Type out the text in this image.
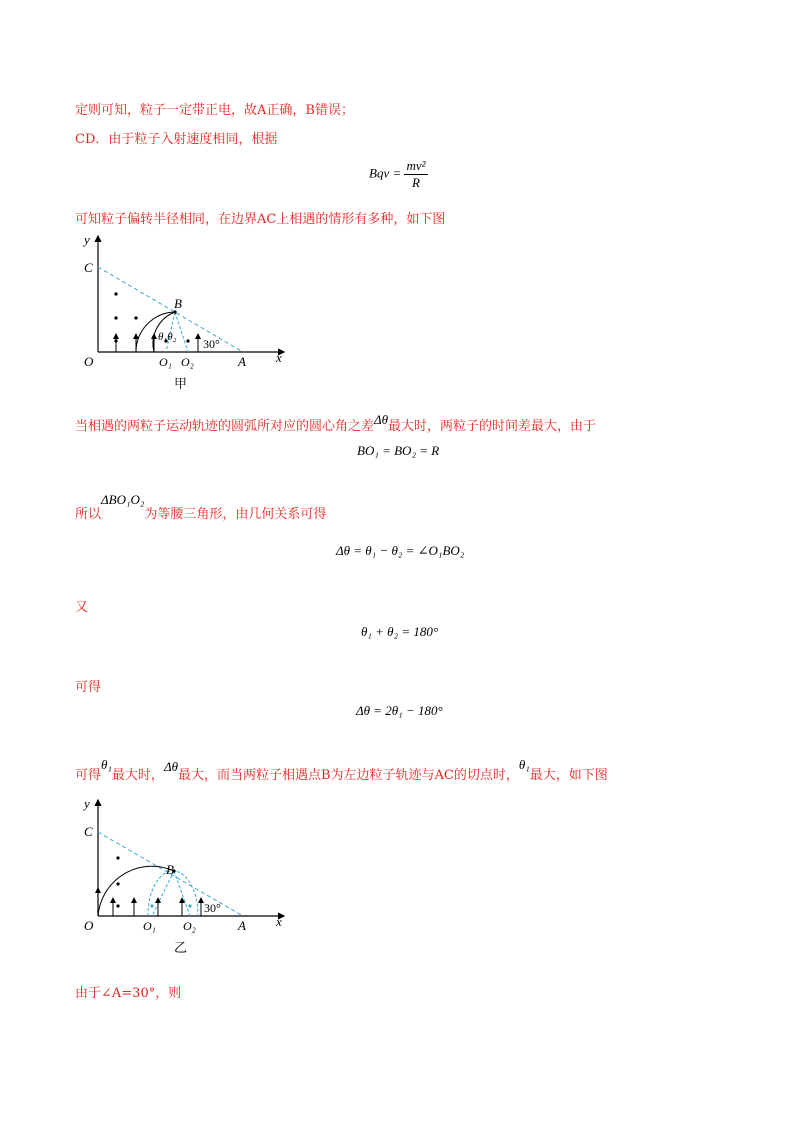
定则可知，粒子一定带正电，故A正确，B错误；
CD．由于粒子入射速度相同，根据
Bqv = $\frac{\text{mv²}}{R}$
可知粒子偏转半径相同，在边界AC上相遇的情形有多种，如下图
y
C
B
O	O₁ O₂	A x
θ₁θ₂ 30°
甲
当相遇的两粒子运动轨迹的圆弧所对应的圆心角之差Δθ最大时，两粒子的时间差最大，由于
BO₁ = BO₂ = R
所以ΔBO₁O₂为等腰三角形，由几何关系可得
Δθ = θ₁ − θ₂ = ∠O₁BO₂
又
θ₁ + θ₂ = 180°
可得
Δθ = 2θ₁ − 180°
可得θ₁最大时，Δθ最大，而当两粒子相遇点B为左边粒子轨迹与AC的切点时，θ₁最大，如下图
y
C
B
O	O₁ O₂	A x
30°
乙
由于∠A=30°，则
